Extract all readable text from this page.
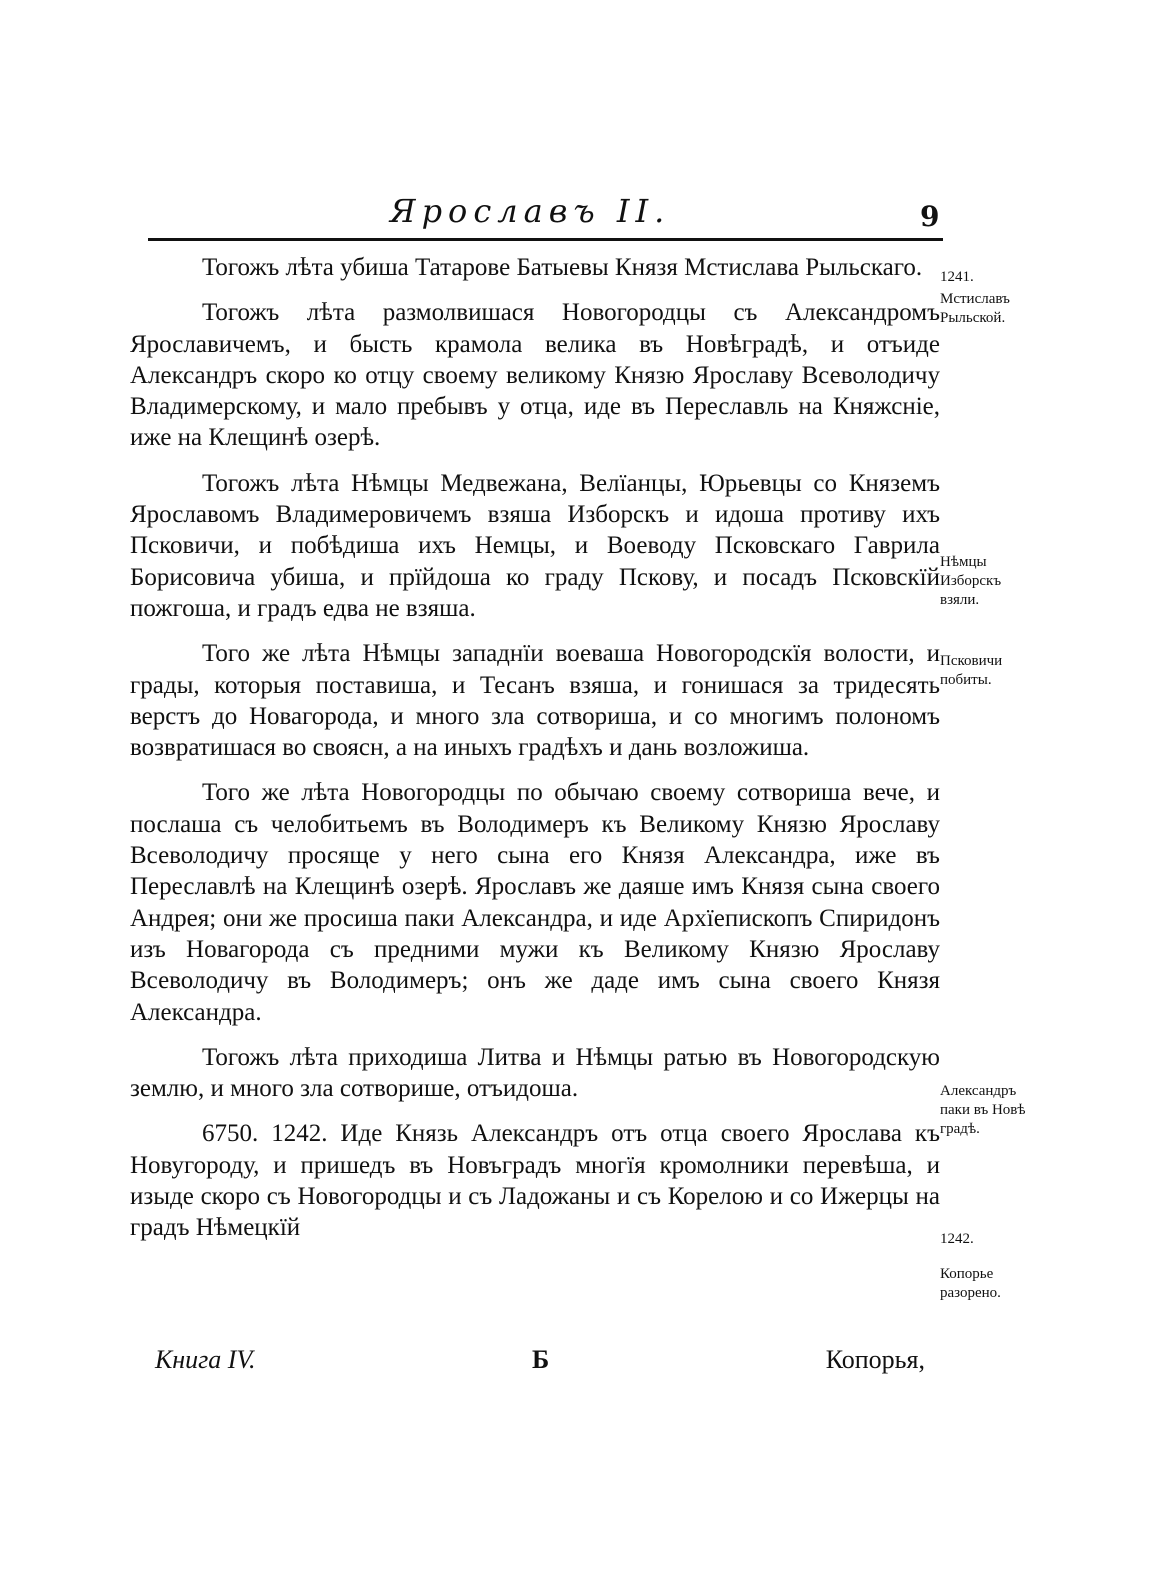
Ярославъ II.	9

Тогожъ лѣта убиша Татарове Батыевы Князя Мстислава Рыльскаго.

Тогожъ лѣта размолвишася Новогородцы съ Александромъ Ярославичемъ, и бысть крамола велика въ Новѣградѣ, и отъиде Александръ скоро ко отцу своему великому Князю Ярославу Всеволодичу Владимерскому, и мало пребывъ у отца, иде въ Переславль на Княжсніе, иже на Клещинѣ озерѣ.

Тогожъ лѣта Нѣмцы Медвежана, Велїанцы, Юрьевцы со Княземъ Ярославомъ Владимеровичемъ взяша Изборскъ и идоша противу ихъ Псковичи, и побѣдиша ихъ Немцы, и Воеводу Псковскаго Гаврила Борисовича убиша, и прїйдоша ко граду Пскову, и посадъ Псковскїй пожгоша, и градъ едва не взяша.

Того же лѣта Нѣмцы западнїи воеваша Новогородскїя волости, и грады, которыя поставиша, и Тесанъ взяша, и гонишася за тридесять верстъ до Новагорода, и много зла сотвориша, и со многимъ полономъ возвратишася во своясн, а на иныхъ градѣхъ и дань возложиша.

Того же лѣта Новогородцы по обычаю своему сотвориша вече, и послаша съ челобитьемъ въ Володимеръ къ Великому Князю Ярославу Всеволодичу просяще у него сына его Князя Александра, иже въ Переславлѣ на Клещинѣ озерѣ. Ярославъ же даяше имъ Князя сына своего Андрея; они же просиша паки Александра, и иде Архїепископъ Спиридонъ изъ Новагорода съ предними мужи къ Великому Князю Ярославу Всеволодичу въ Володимеръ; онъ же даде имъ сына своего Князя Александра.

Тогожъ лѣта приходиша Литва и Нѣмцы ратью въ Новогородскую землю, и много зла сотворише, отъидоша.

6750. 1242. Иде Князь Александръ отъ отца своего Ярослава къ Новугороду, и пришедъ въ Новъградъ многїя кромолники перевѣша, и изыде скоро съ Новогородцы и съ Ладожаны и съ Корелою и со Ижерцы на градъ Нѣмецкїй

1241.
Мстиславъ Рыльской.
Нѣмцы Изборскъ взяли.
Псковичи побиты.
Александръ паки въ Новѣ градѣ.
1242.
Копорье разорено.
Книга IV.	Б	Копорья,
